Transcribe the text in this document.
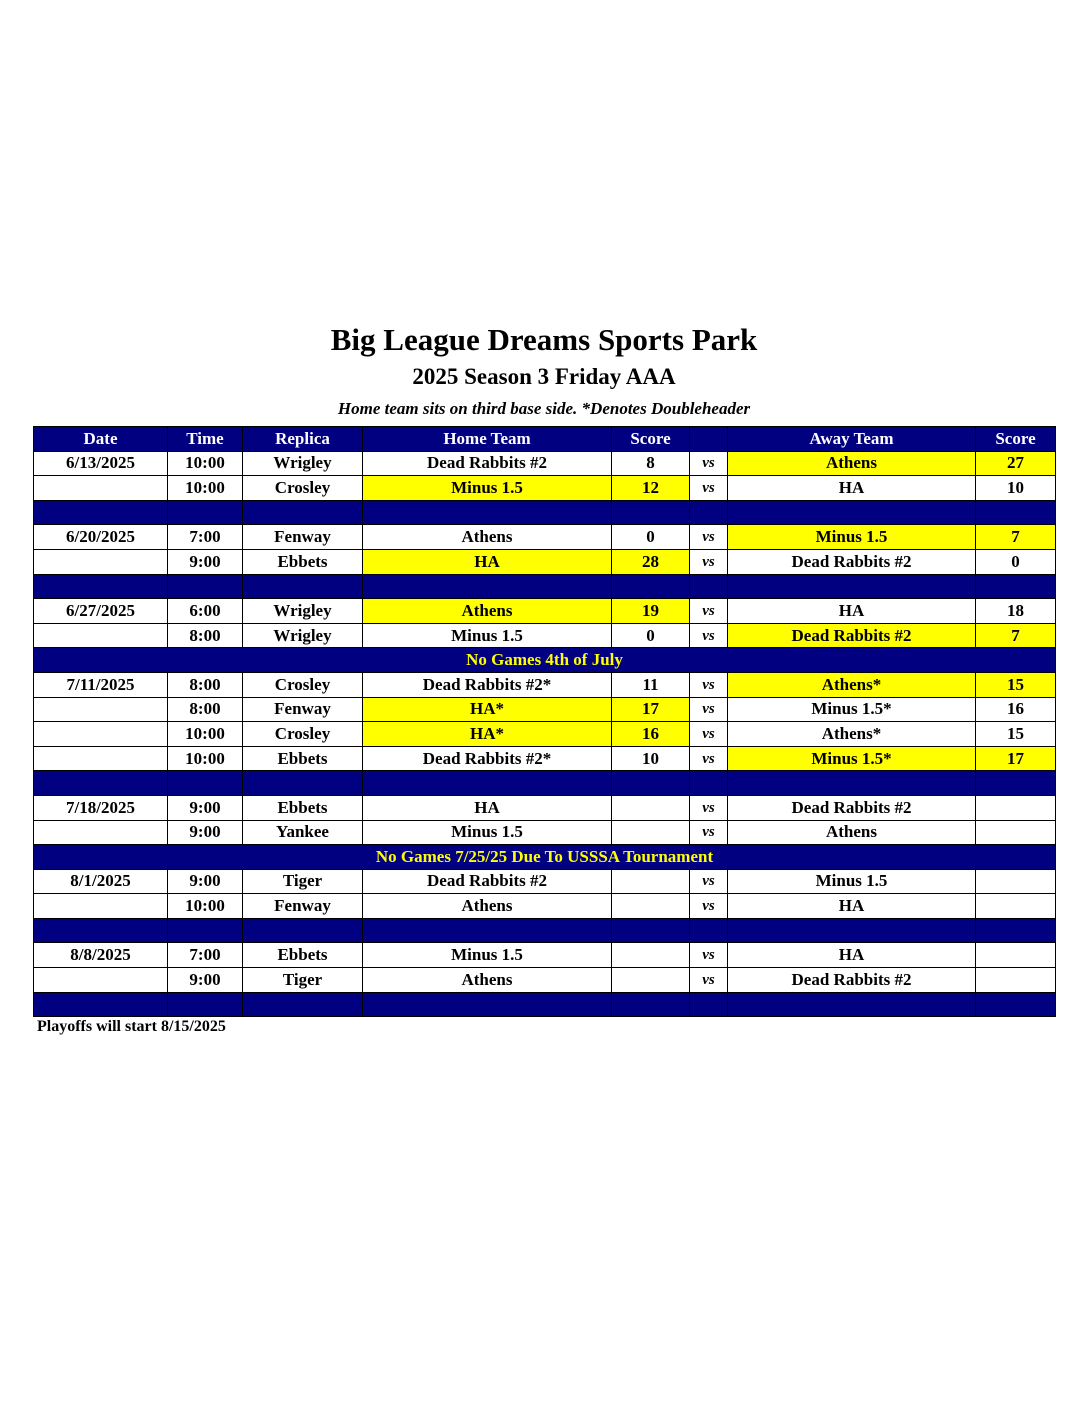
Big League Dreams Sports Park
2025 Season 3 Friday AAA
Home team sits on third base side. *Denotes Doubleheader
Date	Time	Replica	Home Team	Score		Away Team	Score
6/13/2025	10:00	Wrigley	Dead Rabbits #2	8	vs	Athens	27
	10:00	Crosley	Minus 1.5	12	vs	HA	10

6/20/2025	7:00	Fenway	Athens	0	vs	Minus 1.5	7
	9:00	Ebbets	HA	28	vs	Dead Rabbits #2	0

6/27/2025	6:00	Wrigley	Athens	19	vs	HA	18
	8:00	Wrigley	Minus 1.5	0	vs	Dead Rabbits #2	7
No Games 4th of July							
7/11/2025	8:00	Crosley	Dead Rabbits #2*	11	vs	Athens*	15
	8:00	Fenway	HA*	17	vs	Minus 1.5*	16
	10:00	Crosley	HA*	16	vs	Athens*	15
	10:00	Ebbets	Dead Rabbits #2*	10	vs	Minus 1.5*	17

7/18/2025	9:00	Ebbets	HA		vs	Dead Rabbits #2	
	9:00	Yankee	Minus 1.5		vs	Athens	
No Games 7/25/25 Due To USSSA Tournament							
8/1/2025	9:00	Tiger	Dead Rabbits #2		vs	Minus 1.5	
	10:00	Fenway	Athens		vs	HA	

8/8/2025	7:00	Ebbets	Minus 1.5		vs	HA	
	9:00	Tiger	Athens		vs	Dead Rabbits #2	

Playoffs will start 8/15/2025
